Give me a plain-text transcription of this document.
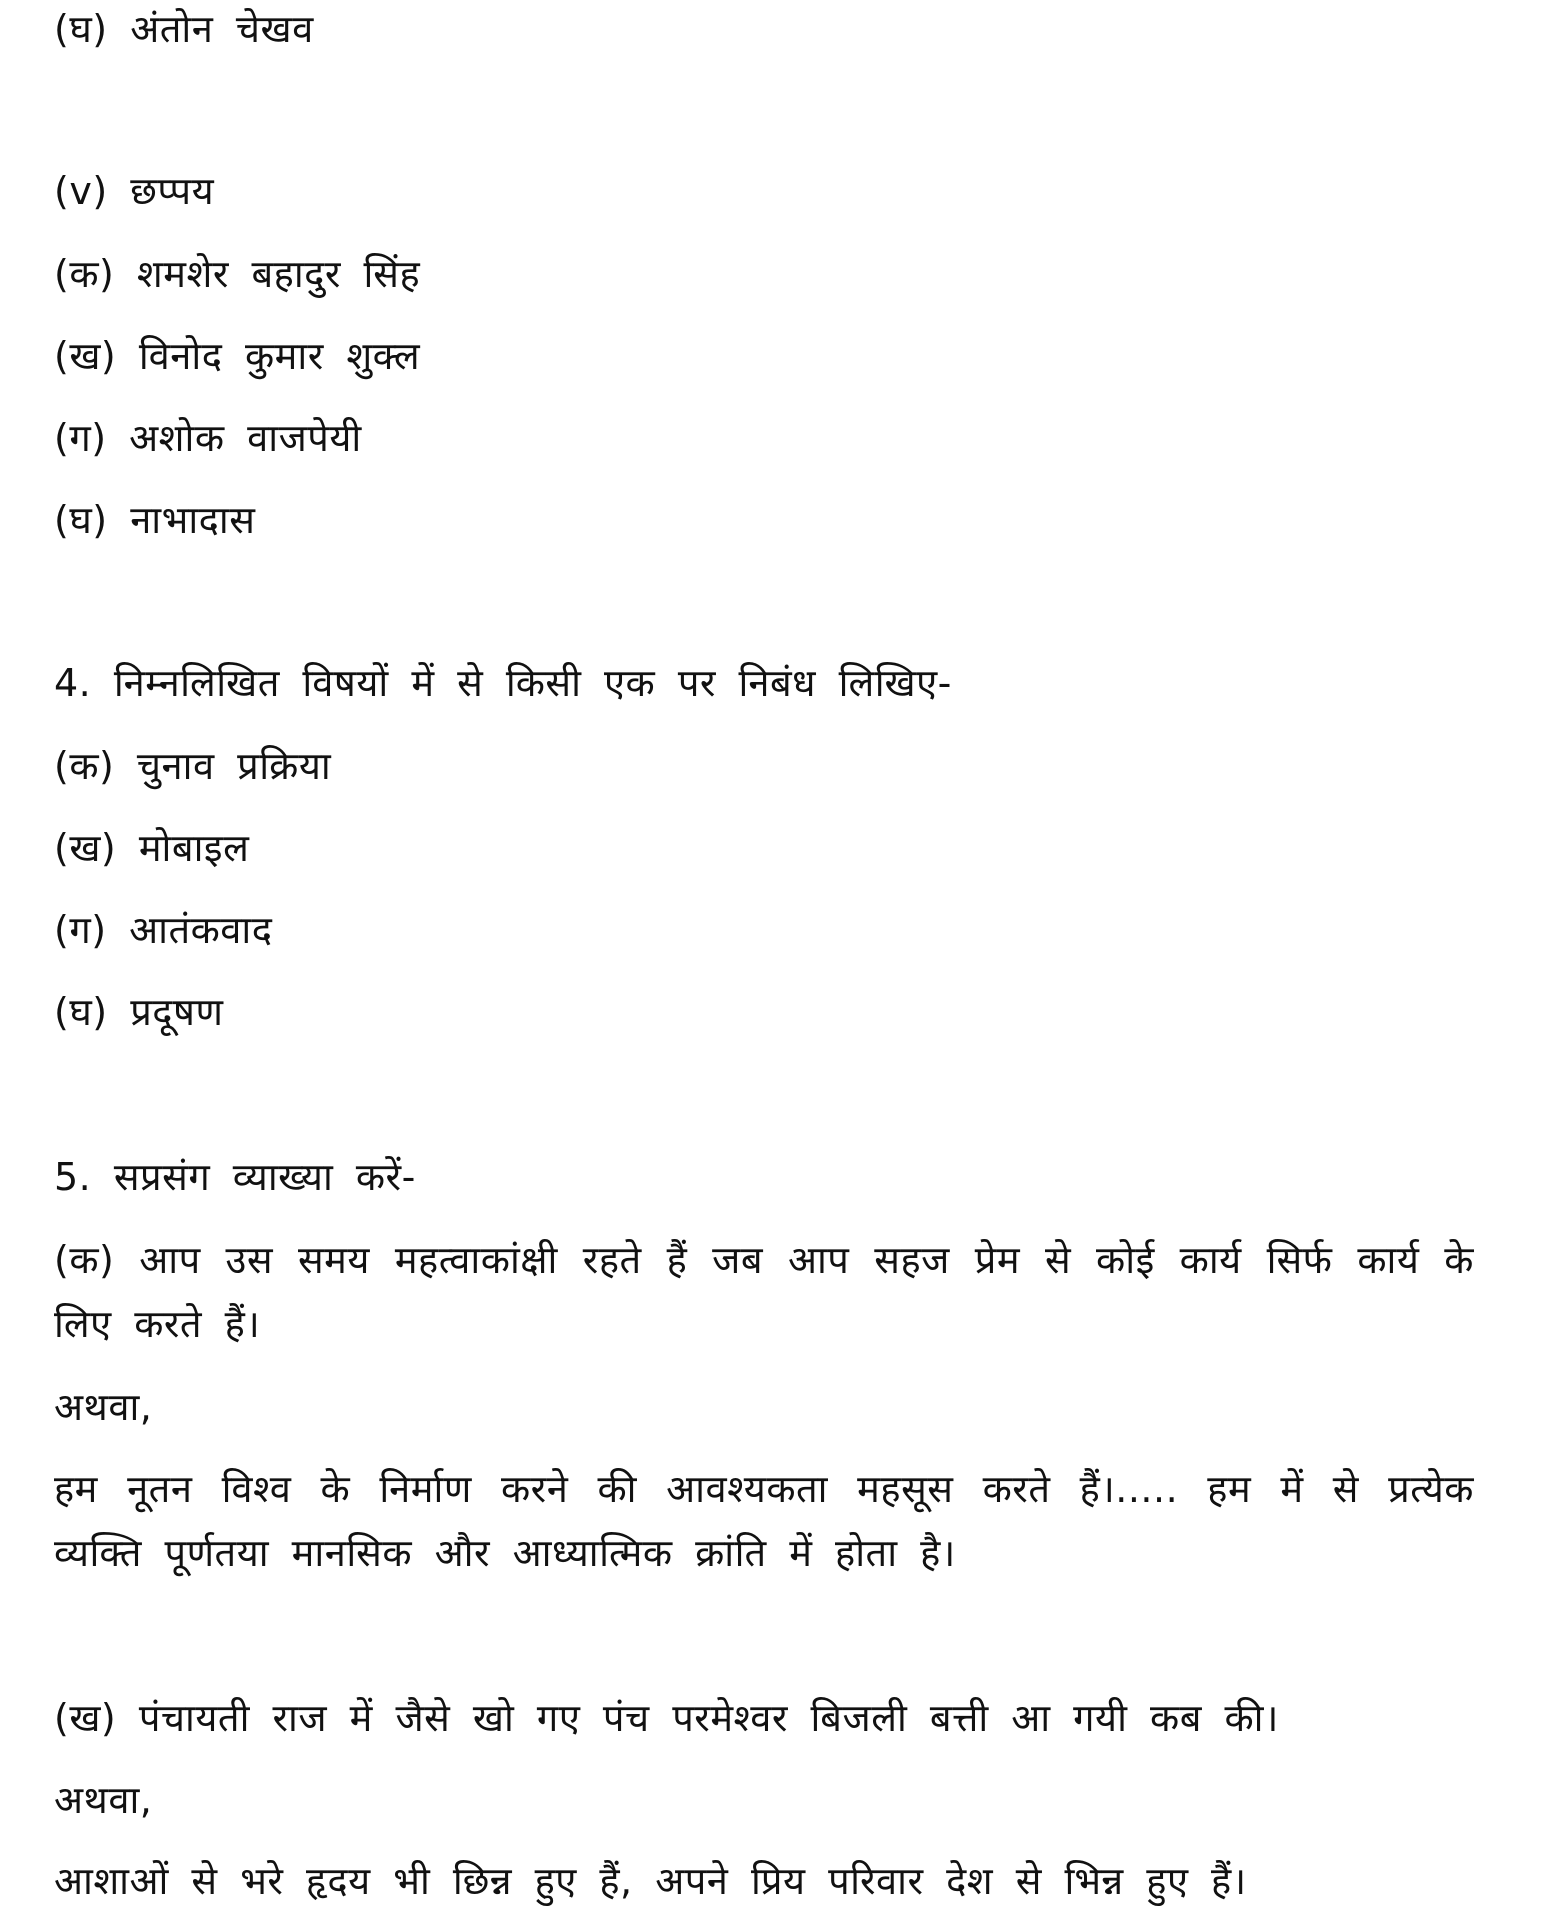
(घ) अंतोन चेखव
(v) छप्पय
(क) शमशेर बहादुर सिंह
(ख) विनोद कुमार शुक्ल
(ग) अशोक वाजपेयी
(घ) नाभादास
4. निम्नलिखित विषयों में से किसी एक पर निबंध लिखिए-
(क) चुनाव प्रक्रिया
(ख) मोबाइल
(ग) आतंकवाद
(घ) प्रदूषण
5. सप्रसंग व्याख्या करें-
(क) आप उस समय महत्वाकांक्षी रहते हैं जब आप सहज प्रेम से कोई कार्य सिर्फ कार्य के लिए करते हैं।
अथवा,
हम नूतन विश्व के निर्माण करने की आवश्यकता महसूस करते हैं।..... हम में से प्रत्येक व्यक्ति पूर्णतया मानसिक और आध्यात्मिक क्रांति में होता है।
(ख) पंचायती राज में जैसे खो गए पंच परमेश्वर बिजली बत्ती आ गयी कब की।
अथवा,
आशाओं से भरे हृदय भी छिन्न हुए हैं, अपने प्रिय परिवार देश से भिन्न हुए हैं।
